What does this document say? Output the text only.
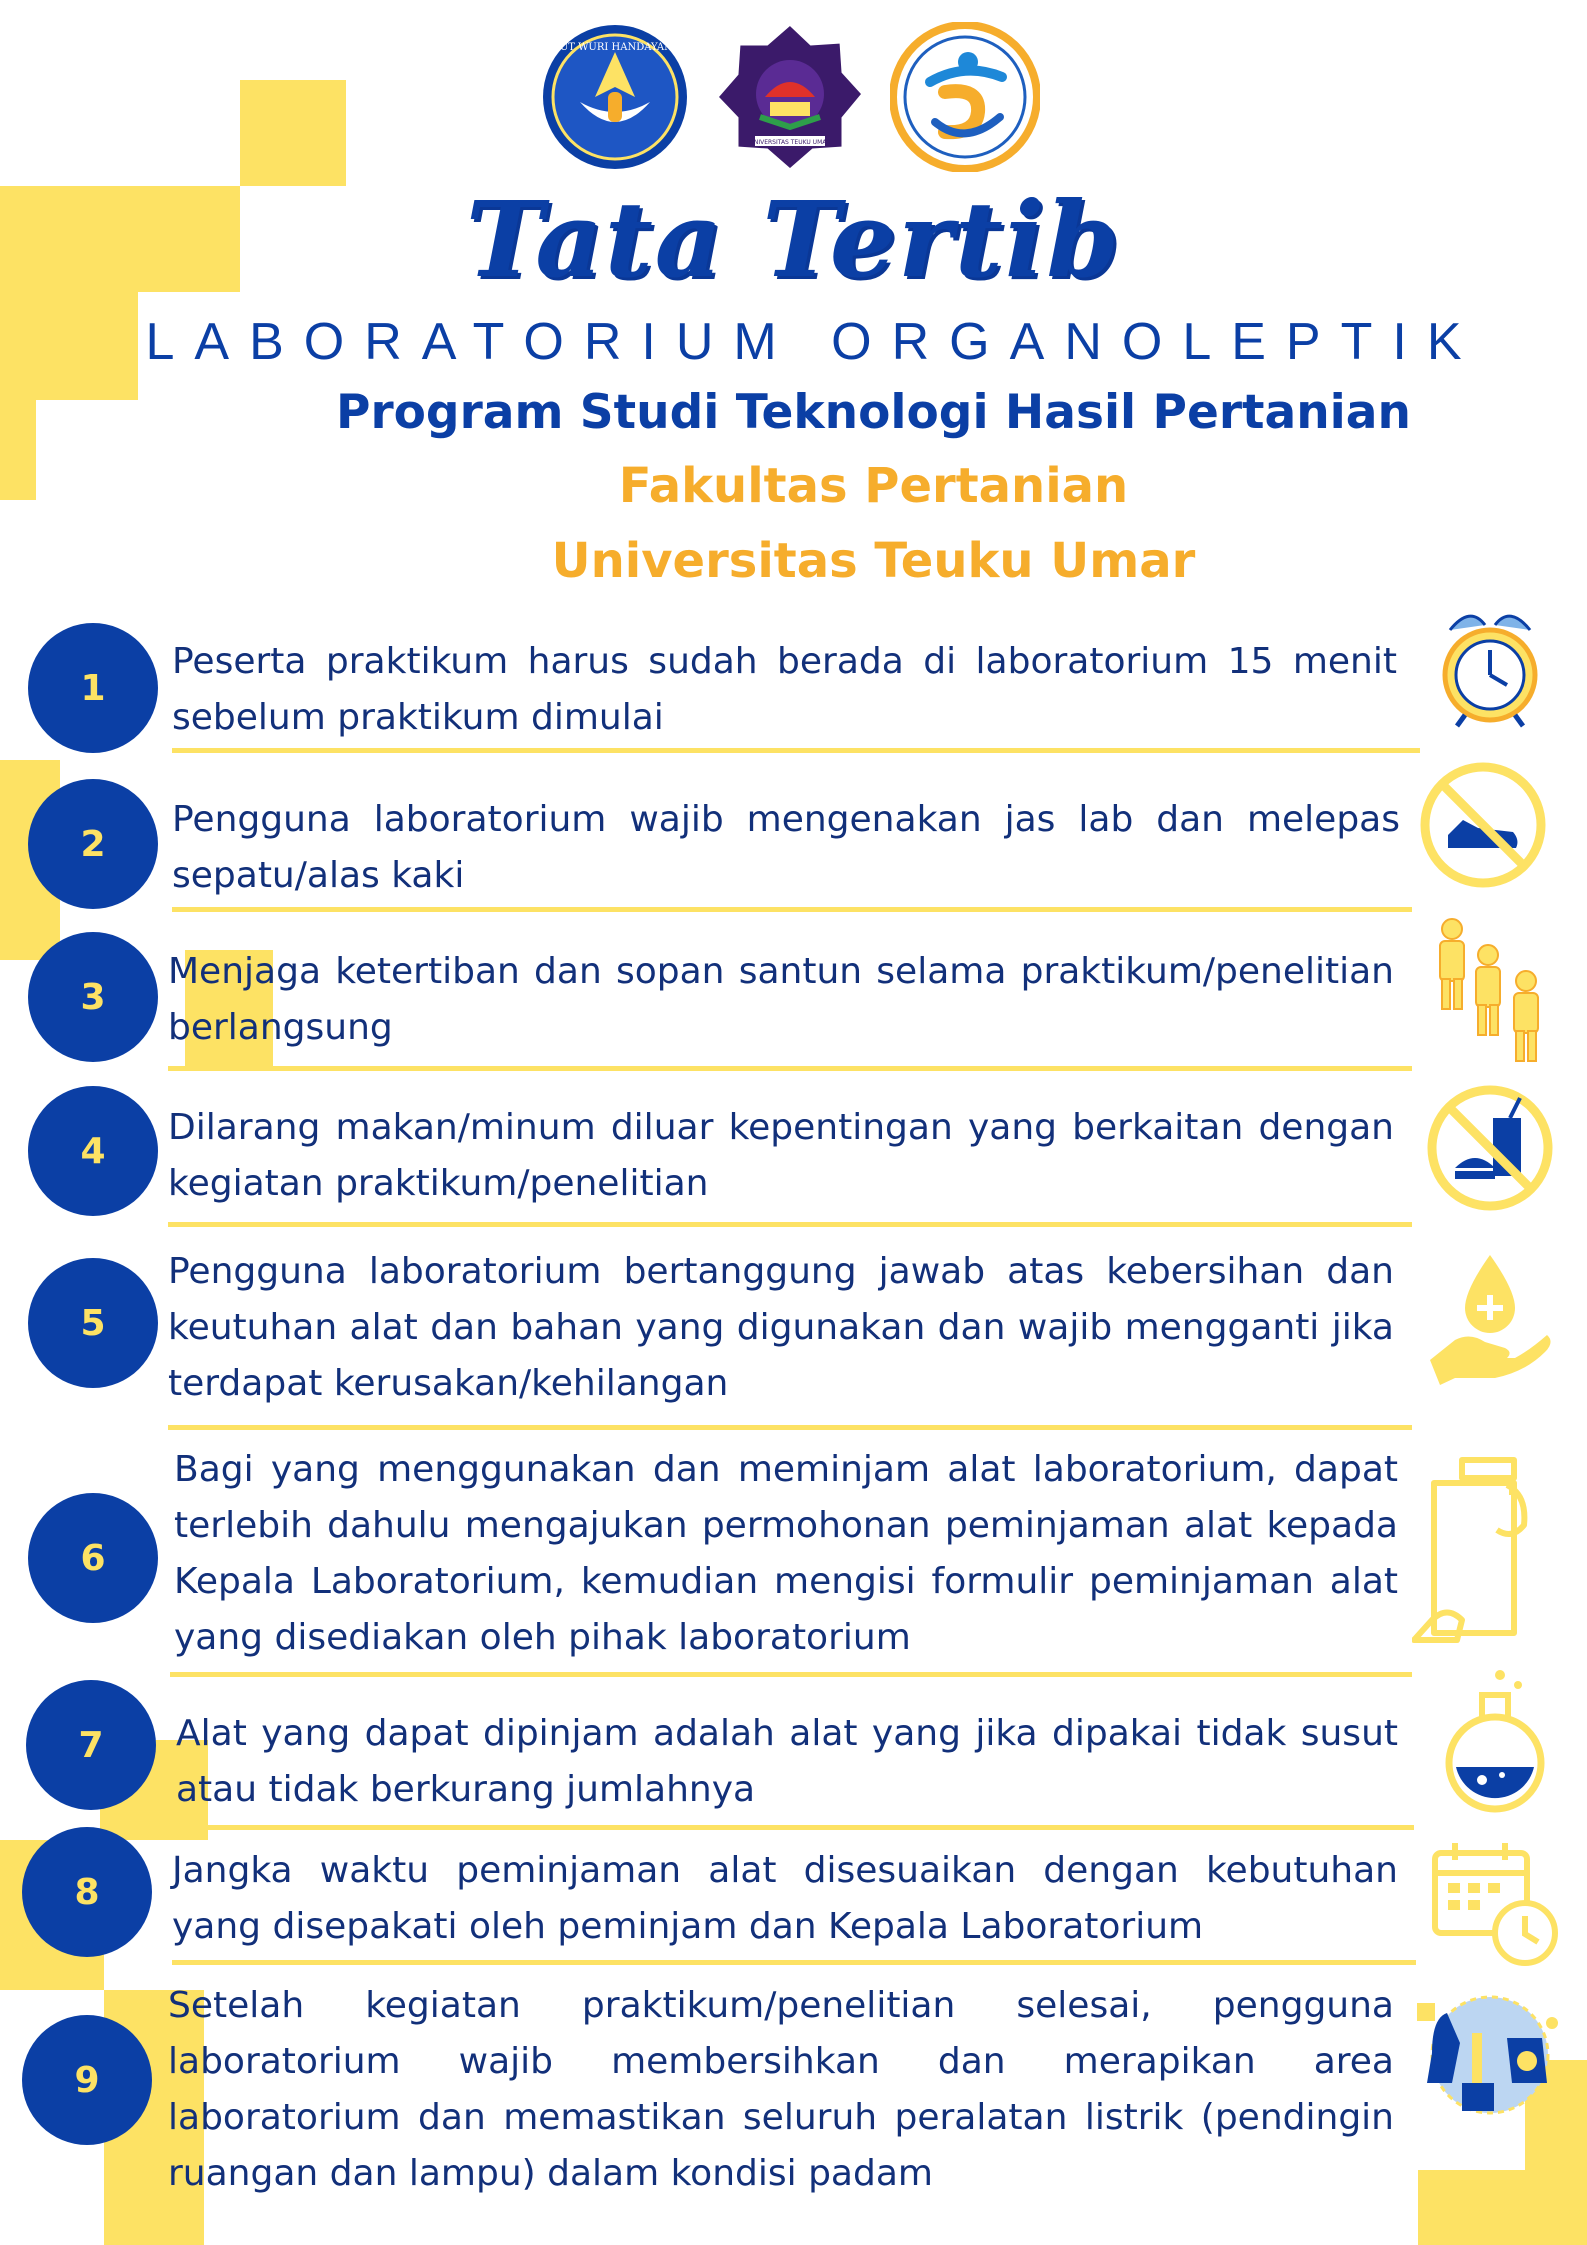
TUT WURI HANDAYANI
UNIVERSITAS TEUKU UMAR
Tata Tertib
LABORATORIUM ORGANOLEPTIK
Program Studi Teknologi Hasil Pertanian
Fakultas Pertanian
Universitas Teuku Umar
1
Peserta praktikum harus sudah berada di laboratorium 15 menit sebelum praktikum dimulai
2
Pengguna laboratorium wajib mengenakan jas lab dan melepas sepatu/alas kaki
3
Menjaga ketertiban dan sopan santun selama praktikum/penelitian berlangsung
4
Dilarang makan/minum diluar kepentingan yang berkaitan dengan kegiatan praktikum/penelitian
5
Pengguna laboratorium bertanggung jawab atas kebersihan dan keutuhan alat dan bahan yang digunakan dan wajib mengganti jika terdapat kerusakan/kehilangan
6
Bagi yang menggunakan dan meminjam alat laboratorium, dapat terlebih dahulu mengajukan permohonan peminjaman alat kepada Kepala Laboratorium, kemudian mengisi formulir peminjaman alat yang disediakan oleh pihak laboratorium
7	Alat yang dapat dipinjam adalah alat yang jika dipakai tidak susut atau tidak berkurang jumlahnya
8
Jangka waktu peminjaman alat disesuaikan dengan kebutuhan yang disepakati oleh peminjam dan Kepala Laboratorium
9
Setelah kegiatan praktikum/penelitian selesai, pengguna laboratorium wajib membersihkan dan merapikan area laboratorium dan memastikan seluruh peralatan listrik (pendingin ruangan dan lampu) dalam kondisi padam
